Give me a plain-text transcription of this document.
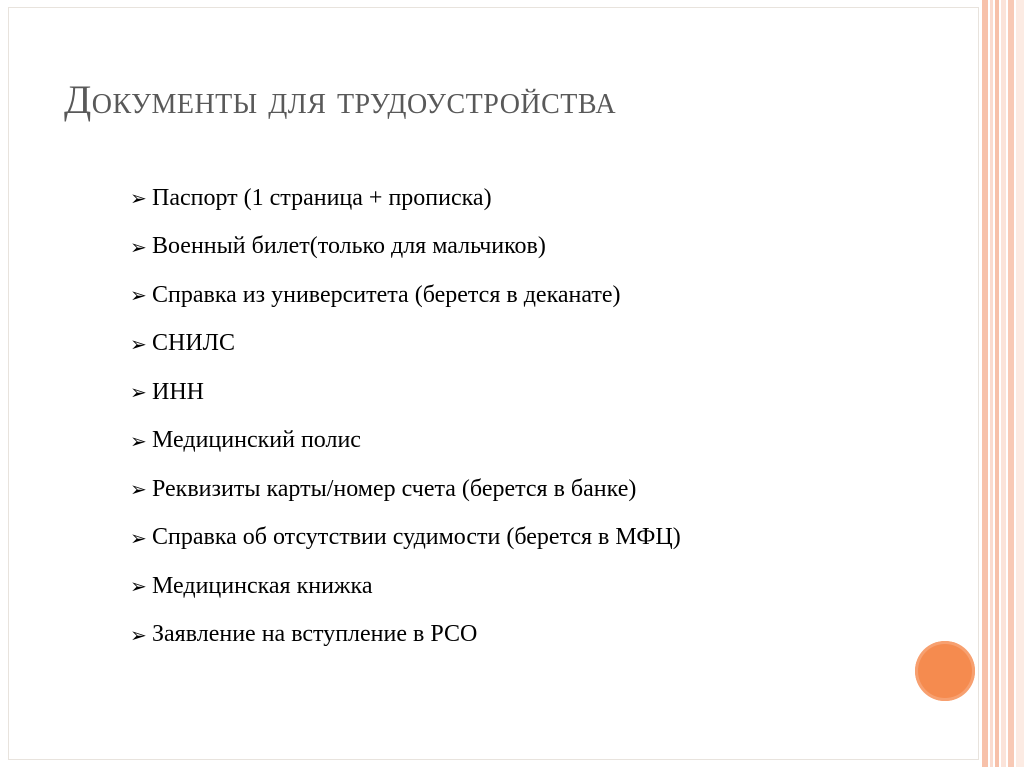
Документы для трудоустройства
➢ Паспорт (1 страница + прописка)
➢ Военный билет(только для мальчиков)
➢ Справка из университета (берется в деканате)
➢ СНИЛС
➢ ИНН
➢ Медицинский полис
➢ Реквизиты карты/номер счета (берется в банке)
➢ Справка об отсутствии судимости (берется в МФЦ)
➢ Медицинская книжка
➢ Заявление на вступление в РСО
